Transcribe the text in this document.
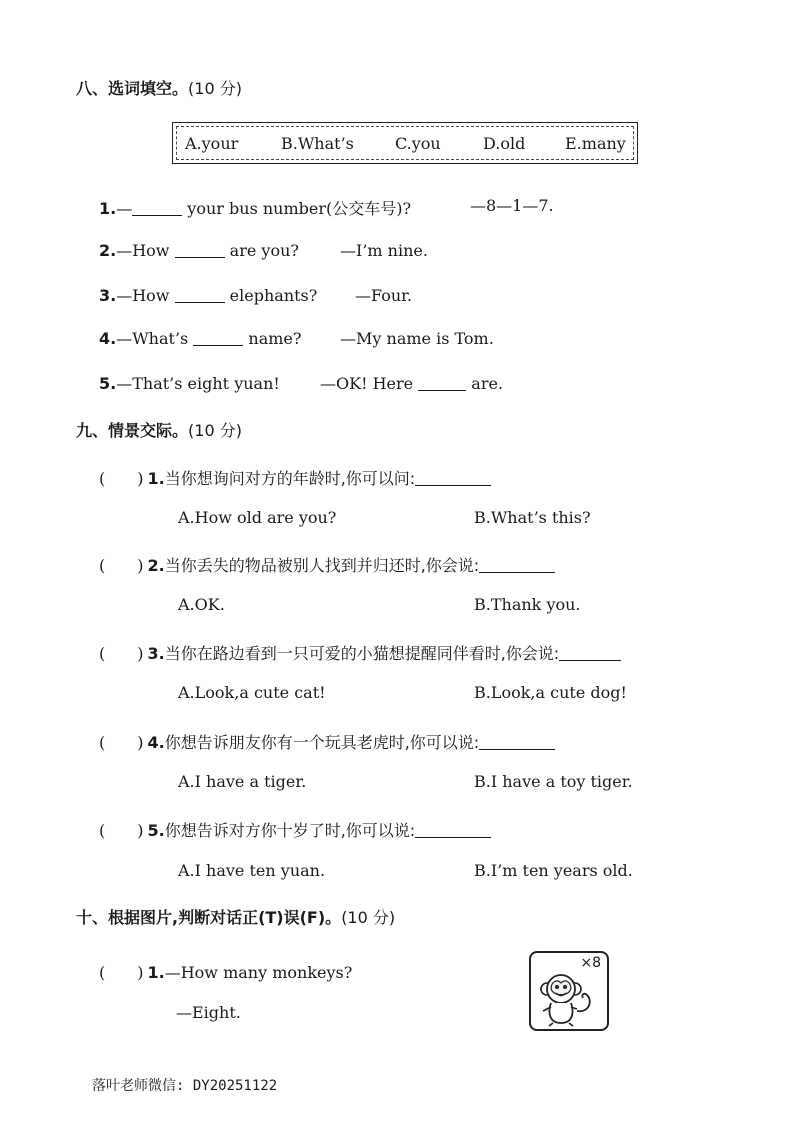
八、选词填空。(10 分)
A.your	B.What’s	C.you	D.old E.many
1.—	your bus number(公交车号)?	—8—1—7.
2.—How	are you?	—I’m nine.
3.—How	elephants? —Four.
4.—What’s	name? —My name is Tom.
5.—That’s eight yuan!	—OK! Here	are.
九、情景交际。(10 分)
(　　) 1.当你想询问对方的年龄时,你可以问:
A.How old are you?	B.What’s this?
(　　) 2.当你丢失的物品被别人找到并归还时,你会说:
A.OK.	B.Thank you.
(　　) 3.当你在路边看到一只可爱的小猫想提醒同伴看时,你会说:
A.Look,a cute cat!	B.Look,a cute dog!
(　　) 4.你想告诉朋友你有一个玩具老虎时,你可以说:
A.I have a tiger.	B.I have a toy tiger.
(　　) 5.你想告诉对方你十岁了时,你可以说:
A.I have ten yuan.	B.I’m ten years old.
十、根据图片,判断对话正(T)误(F)。(10 分)
(　　) 1.—How many monkeys?
—Eight.
×8
落叶老师微信: DY20251122
